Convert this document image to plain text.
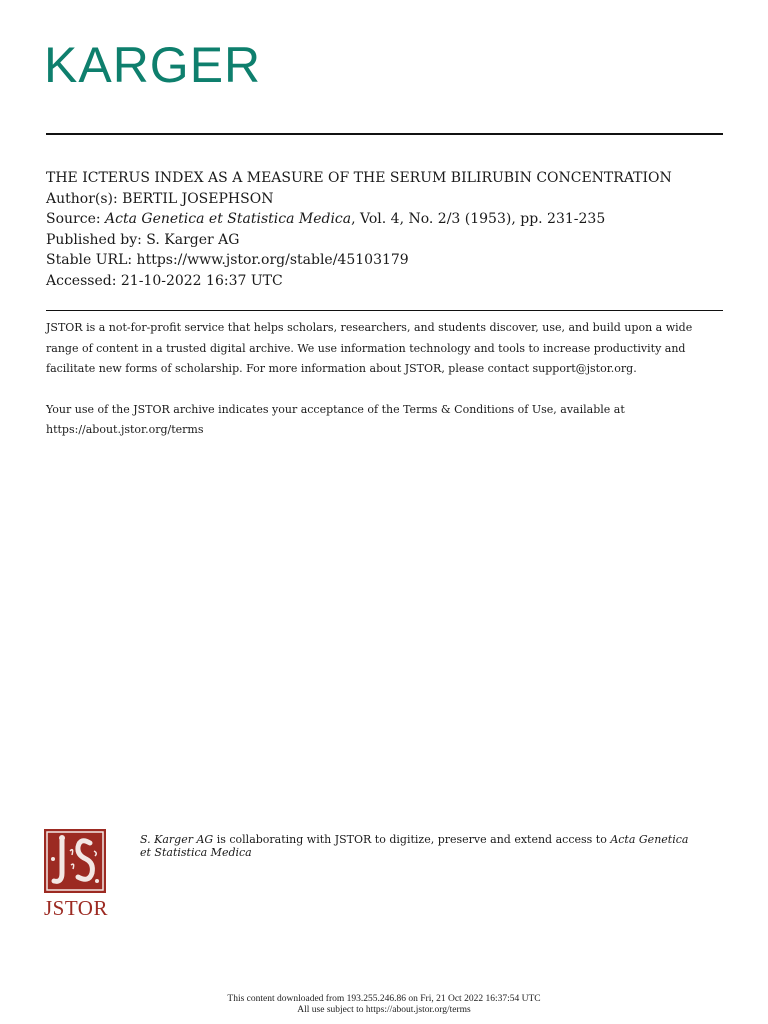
KARGER
THE ICTERUS INDEX AS A MEASURE OF THE SERUM BILIRUBIN CONCENTRATION
Author(s): BERTIL JOSEPHSON
Source: Acta Genetica et Statistica Medica, Vol. 4, No. 2/3 (1953), pp. 231-235
Published by: S. Karger AG
Stable URL: https://www.jstor.org/stable/45103179
Accessed: 21-10-2022 16:37 UTC

JSTOR is a not-for-profit service that helps scholars, researchers, and students discover, use, and build upon a wide range of content in a trusted digital archive. We use information technology and tools to increase productivity and facilitate new forms of scholarship. For more information about JSTOR, please contact support@jstor.org.

Your use of the JSTOR archive indicates your acceptance of the Terms & Conditions of Use, available at https://about.jstor.org/terms

JSTOR
S. Karger AG is collaborating with JSTOR to digitize, preserve and extend access to Acta Genetica et Statistica Medica
This content downloaded from 193.255.246.86 on Fri, 21 Oct 2022 16:37:54 UTC
All use subject to https://about.jstor.org/terms
